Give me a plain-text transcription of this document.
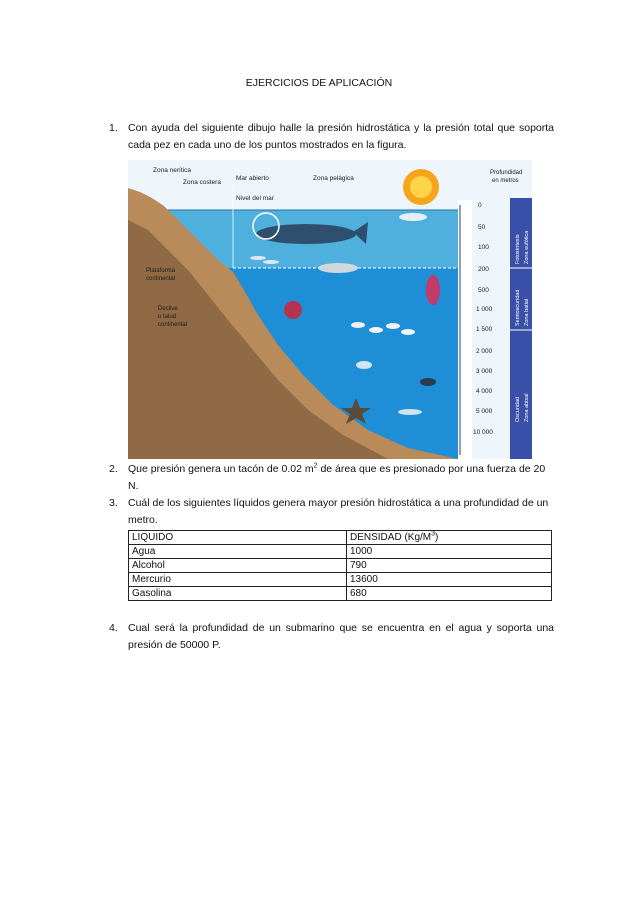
EJERCICIOS DE APLICACIÓN
1. Con ayuda del siguiente dibujo halle la presión hidrostática y la presión total que soporta cada pez en cada uno de los puntos mostrados en la figura.
Zona nerítica
Zona costera
Mar abierto	Zona pelágica
Nivel del mar
Profundidad
en metros
Plataforma
continental
Declive
o talud
continental
0
50
100
200
500
1 000
1 500
2 000
3 000
4 000
5 000
10 000
Fotosíntesis Zona eufótica
Semioscuridad Zona batial
Oscuridad Zona abisal
2. Que presión genera un tacón de 0.02 $m^2$ de área que es presionado por una fuerza de 20 N.
3. Cuál de los siguientes líquidos genera mayor presión hidrostática a una profundidad de un metro.
LIQUIDO	DENSIDAD $(Kg/M^3)$
Agua	1000
Alcohol	790
Mercurio	13600
Gasolina	680
4. Cual será la profundidad de un submarino que se encuentra en el agua y soporta una presión de 50000 P.
